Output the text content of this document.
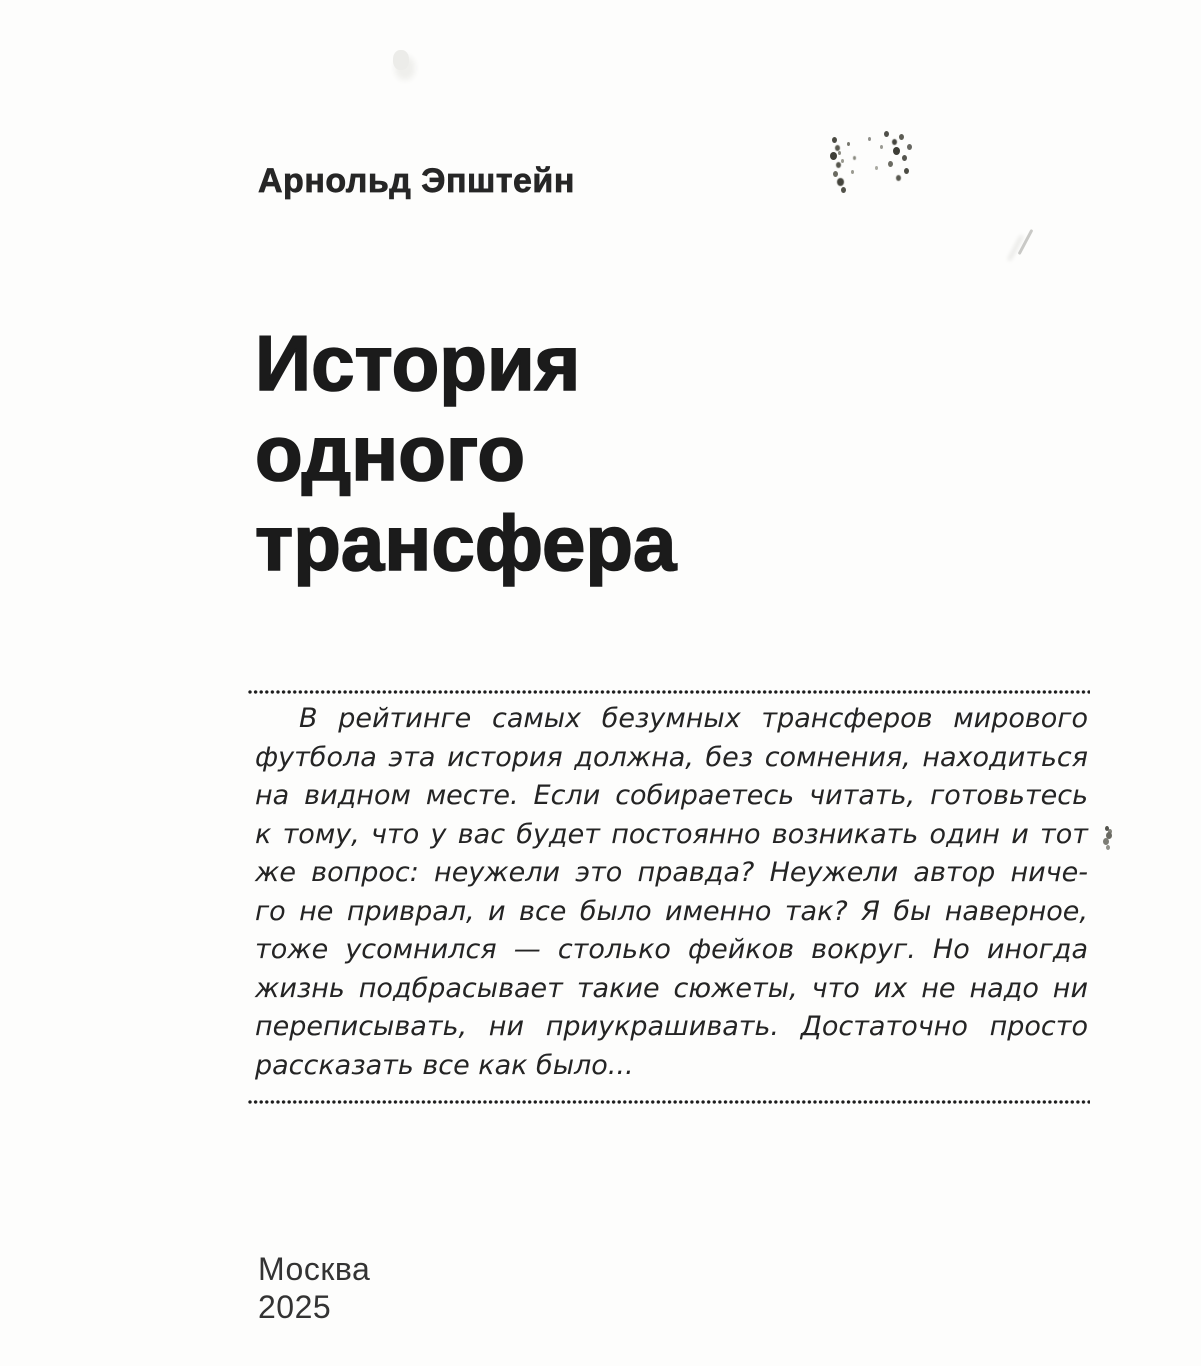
Арнольд Эпштейн
История
одного
трансфера
В рейтинге самых безумных трансферов мирового
футбола эта история должна, без сомнения, находиться
на видном месте. Если собираетесь читать, готовьтесь
к тому, что у вас будет постоянно возникать один и тот
же вопрос: неужели это правда? Неужели автор ниче-
го не приврал, и все было именно так? Я бы наверное,
тоже усомнился — столько фейков вокруг. Но иногда
жизнь подбрасывает такие сюжеты, что их не надо ни
переписывать, ни приукрашивать. Достаточно просто
рассказать все как было...
Москва
2025
